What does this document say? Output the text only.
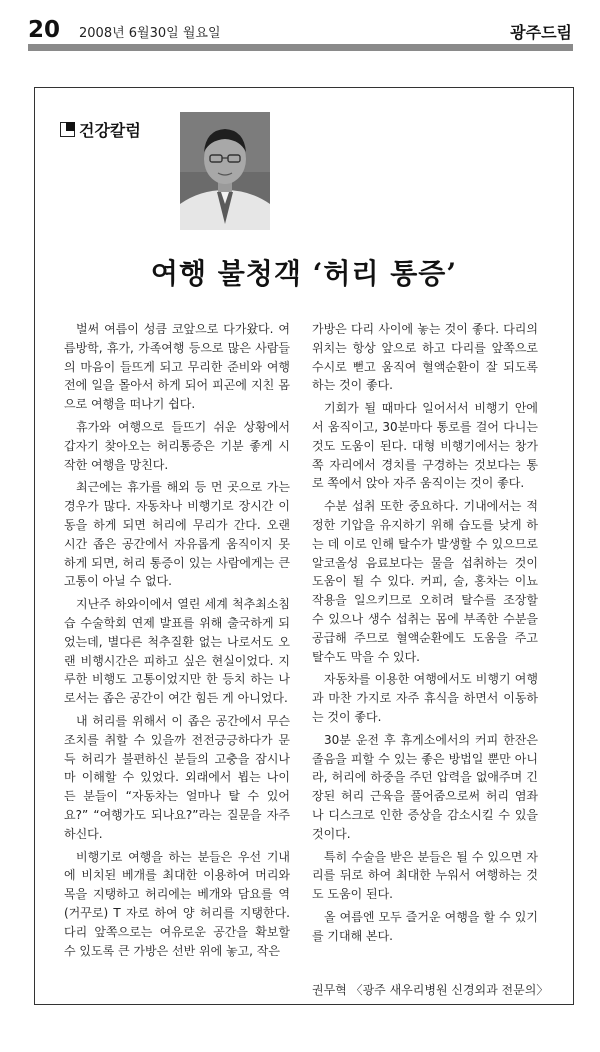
20 2008년 6월30일 월요일	광주드림
건강칼럼
여행 불청객 ‘허리 통증’

벌써 여름이 성큼 코앞으로 다가왔다. 여름방학, 휴가, 가족여행 등으로 많은 사람들의 마음이 들뜨게 되고 무리한 준비와 여행 전에 일을 몰아서 하게 되어 피곤에 지친 몸으로 여행을 떠나기 쉽다.

휴가와 여행으로 들뜨기 쉬운 상황에서 갑자기 찾아오는 허리통증은 기분 좋게 시작한 여행을 망친다.

최근에는 휴가를 해외 등 먼 곳으로 가는 경우가 많다. 자동차나 비행기로 장시간 이동을 하게 되면 허리에 무리가 간다. 오랜 시간 좁은 공간에서 자유롭게 움직이지 못하게 되면, 허리 통증이 있는 사람에게는 큰 고통이 아닐 수 없다.

지난주 하와이에서 열린 세계 척추최소침습 수술학회 연제 발표를 위해 출국하게 되었는데, 별다른 척추질환 없는 나로서도 오랜 비행시간은 피하고 싶은 현실이었다. 지루한 비행도 고통이었지만 한 등치 하는 나로서는 좁은 공간이 여간 힘든 게 아니었다.

내 허리를 위해서 이 좁은 공간에서 무슨 조치를 취할 수 있을까 전전긍긍하다가 문득 허리가 불편하신 분들의 고충을 잠시나마 이해할 수 있었다. 외래에서 뵙는 나이 든 분들이 “자동차는 얼마나 탈 수 있어요?” “여행가도 되나요?”라는 질문을 자주 하신다.

비행기로 여행을 하는 분들은 우선 기내에 비치된 베개를 최대한 이용하여 머리와 목을 지탱하고 허리에는 베개와 담요를 역(거꾸로) T 자로 하여 양 허리를 지탱한다. 다리 앞쪽으로는 여유로운 공간을 확보할 수 있도록 큰 가방은 선반 위에 놓고, 작은

가방은 다리 사이에 놓는 것이 좋다. 다리의 위치는 항상 앞으로 하고 다리를 앞쪽으로 수시로 뻗고 움직여 혈액순환이 잘 되도록 하는 것이 좋다.

기회가 될 때마다 일어서서 비행기 안에서 움직이고, 30분마다 통로를 걸어 다니는 것도 도움이 된다. 대형 비행기에서는 창가 쪽 자리에서 경치를 구경하는 것보다는 통로 쪽에서 앉아 자주 움직이는 것이 좋다.

수분 섭취 또한 중요하다. 기내에서는 적정한 기압을 유지하기 위해 습도를 낮게 하는 데 이로 인해 탈수가 발생할 수 있으므로 알코올성 음료보다는 물을 섭취하는 것이 도움이 될 수 있다. 커피, 술, 홍차는 이뇨 작용을 일으키므로 오히려 탈수를 조장할 수 있으나 생수 섭취는 몸에 부족한 수분을 공급해 주므로 혈액순환에도 도움을 주고 탈수도 막을 수 있다.

자동차를 이용한 여행에서도 비행기 여행과 마찬 가지로 자주 휴식을 하면서 이동하는 것이 좋다.

30분 운전 후 휴게소에서의 커피 한잔은 졸음을 피할 수 있는 좋은 방법일 뿐만 아니라, 허리에 하중을 주던 압력을 없애주며 긴장된 허리 근육을 풀어줌으로써 허리 염좌나 디스크로 인한 증상을 감소시킬 수 있을 것이다.

특히 수술을 받은 분들은 될 수 있으면 자리를 뒤로 하여 최대한 누워서 여행하는 것도 도움이 된다.

올 여름엔 모두 즐거운 여행을 할 수 있기를 기대해 본다.

권무혁 〈광주 새우리병원 신경외과 전문의〉
